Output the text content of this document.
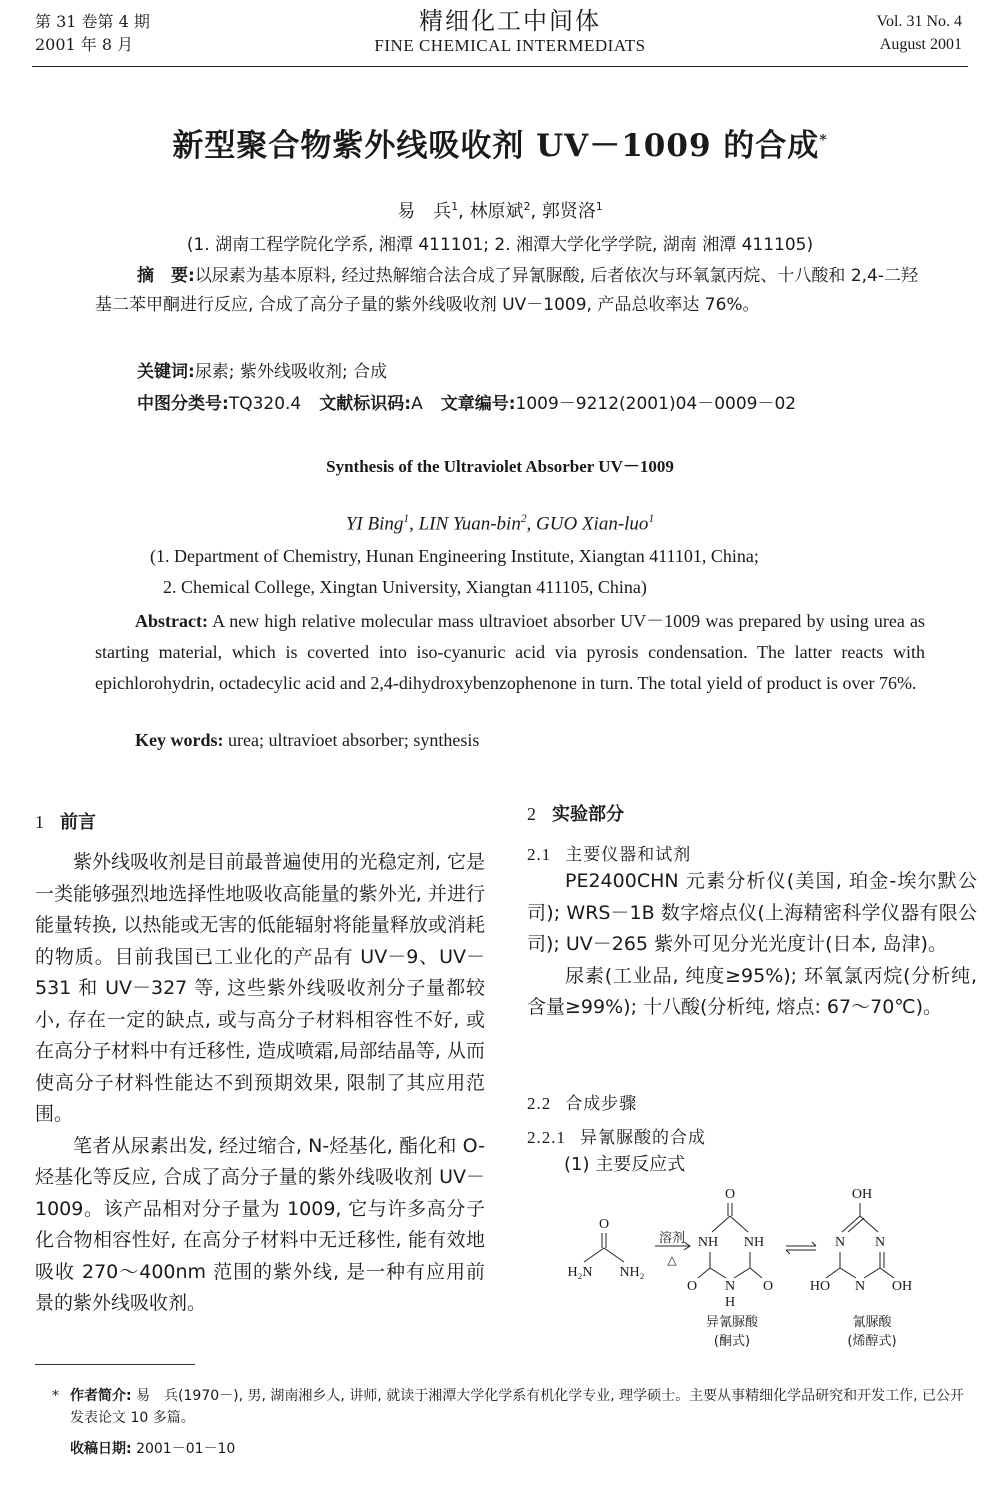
第 31 卷第 4 期
2001 年 8 月
精细化工中间体
FINE CHEMICAL INTERMEDIATS
Vol. 31 No. 4
August 2001
新型聚合物紫外线吸收剂 UV－1009 的合成*
易　兵$^1$, 林原斌$^2$, 郭贤洛$^1$
(1. 湖南工程学院化学系, 湘潭 411101; 2. 湘潭大学化学学院, 湖南 湘潭 411105)
摘　要:以尿素为基本原料, 经过热解缩合法合成了异氰脲酸, 后者依次与环氧氯丙烷、十八酸和 2,4-二羟基二苯甲酮进行反应, 合成了高分子量的紫外线吸收剂 UV－1009, 产品总收率达 76%。
关键词:尿素; 紫外线吸收剂; 合成
中图分类号:TQ320.4 文献标识码:A 文章编号:1009－9212(2001)04－0009－02
Synthesis of the Ultraviolet Absorber UV－1009
YI Bing$^1$, LIN Yuan-bin$^2$, GUO Xian-luo$^1$
(1. Department of Chemistry, Hunan Engineering Institute, Xiangtan 411101, China;
2. Chemical College, Xingtan University, Xiangtan 411105, China)
Abstract: A new high relative molecular mass ultravioet absorber UV－1009 was prepared by using urea as starting material, which is coverted into iso-cyanuric acid via pyrosis condensation. The latter reacts with epichlorohydrin, octadecylic acid and 2,4-dihydroxybenzophenone in turn. The total yield of product is over 76%.
Key words: urea; ultravioet absorber; synthesis
1 前言

紫外线吸收剂是目前最普遍使用的光稳定剂, 它是一类能够强烈地选择性地吸收高能量的紫外光, 并进行能量转换, 以热能或无害的低能辐射将能量释放或消耗的物质。目前我国已工业化的产品有 UV－9、UV－531 和 UV－327 等, 这些紫外线吸收剂分子量都较小, 存在一定的缺点, 或与高分子材料相容性不好, 或在高分子材料中有迁移性, 造成喷霜,局部结晶等, 从而使高分子材料性能达不到预期效果, 限制了其应用范围。

笔者从尿素出发, 经过缩合, N-烃基化, 酯化和 O-烃基化等反应, 合成了高分子量的紫外线吸收剂 UV－1009。该产品相对分子量为 1009, 它与许多高分子化合物相容性好, 在高分子材料中无迁移性, 能有效地吸收 270～400nm 范围的紫外线, 是一种有应用前景的紫外线吸收剂。

2 实验部分
2.1 主要仪器和试剂

PE2400CHN 元素分析仪(美国, 珀金-埃尔默公司); WRS－1B 数字熔点仪(上海精密科学仪器有限公司); UV－265 紫外可见分光光度计(日本, 岛津)。

尿素(工业品, 纯度≥95%); 环氧氯丙烷(分析纯, 含量≥99%); 十八酸(分析纯, 熔点: 67～70℃)。

2.2 合成步骤
2.2.1 异氰脲酸的合成
(1) 主要反应式
O
H₂N NH₂
溶剂
△
O
NH NH
O N O
H
异氰脲酸
(酮式)
OH
N N
HO N OH
氰脲酸
(烯醇式)
* 作者简介: 易　兵(1970－), 男, 湖南湘乡人, 讲师, 就读于湘潭大学化学系有机化学专业, 理学硕士。主要从事精细化学品研究和开发工作, 已公开发表论文 10 多篇。
收稿日期: 2001－01－10
